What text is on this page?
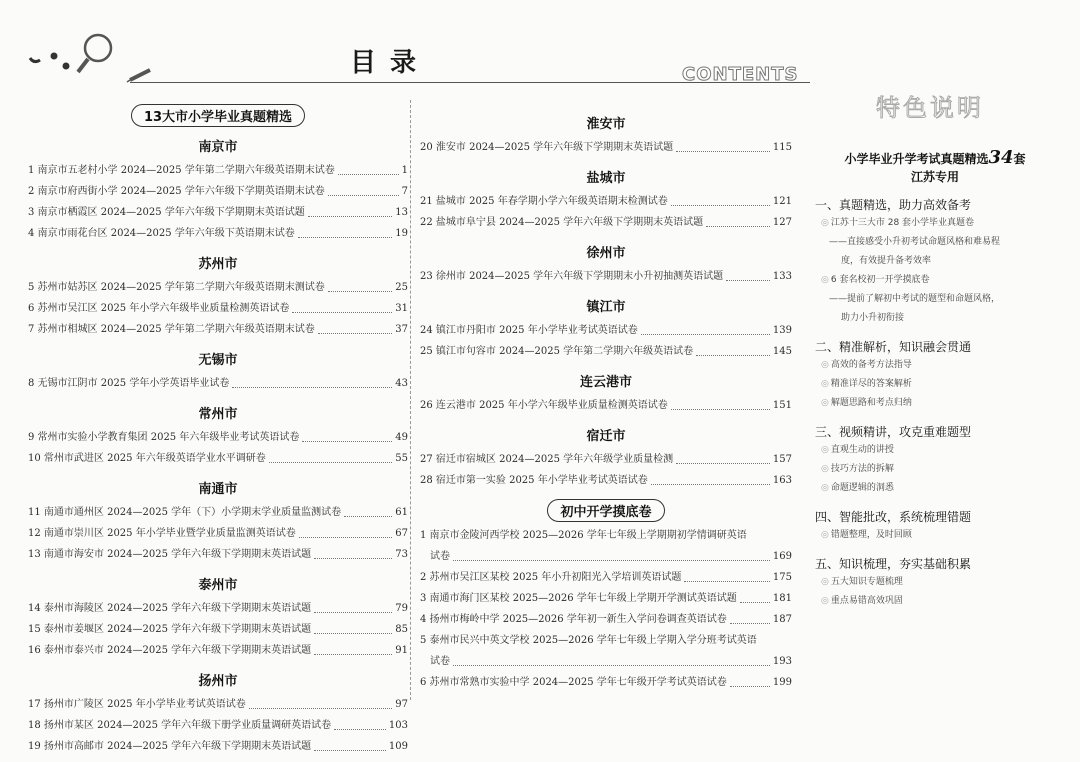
目录	CONTENTS
13大市小学毕业真题精选
南京市
1 南京市五老村小学 2024—2025 学年第二学期六年级英语期末试卷	1
2 南京市府西街小学 2024—2025 学年六年级下学期英语期末试卷	7
3 南京市栖霞区 2024—2025 学年六年级下学期期末英语试题	13
4 南京市雨花台区 2024—2025 学年六年级下英语期末试卷	19
苏州市
5 苏州市姑苏区 2024—2025 学年第二学期六年级英语期末测试卷	25
6 苏州市吴江区 2025 年小学六年级毕业质量检测英语试卷	31
7 苏州市相城区 2024—2025 学年第二学期六年级英语期末试卷	37
无锡市
8 无锡市江阴市 2025 学年小学英语毕业试卷	43
常州市
9 常州市实验小学教育集团 2025 年六年级毕业考试英语试卷	49
10 常州市武进区 2025 年六年级英语学业水平调研卷	55
南通市
11 南通市通州区 2024—2025 学年（下）小学期末学业质量监测试卷	61
12 南通市崇川区 2025 年小学毕业暨学业质量监测英语试卷	67
13 南通市海安市 2024—2025 学年六年级下学期期末英语试题	73
泰州市
14 泰州市海陵区 2024—2025 学年六年级下学期期末英语试题	79
15 泰州市姜堰区 2024—2025 学年六年级下学期期末英语试题	85
16 泰州市泰兴市 2024—2025 学年六年级下学期期末英语试题	91
扬州市
17 扬州市广陵区 2025 年小学毕业考试英语试卷	97
18 扬州市某区 2024—2025 学年六年级下册学业质量调研英语试卷	103
19 扬州市高邮市 2024—2025 学年六年级下学期期末英语试题	109
淮安市
20 淮安市 2024—2025 学年六年级下学期期末英语试题	115
盐城市
21 盐城市 2025 年春学期小学六年级英语期末检测试卷	121
22 盐城市阜宁县 2024—2025 学年六年级下学期期末英语试题	127
徐州市
23 徐州市 2024—2025 学年六年级下学期期末小升初抽测英语试题	133
镇江市
24 镇江市丹阳市 2025 年小学毕业考试英语试卷	139
25 镇江市句容市 2024—2025 学年第二学期六年级英语试卷	145
连云港市
26 连云港市 2025 年小学六年级毕业质量检测英语试卷	151
宿迁市
27 宿迁市宿城区 2024—2025 学年六年级学业质量检测	157
28 宿迁市第一实验 2025 年小学毕业考试英语试卷	163
初中开学摸底卷
1 南京市金陵河西学校 2025—2026 学年七年级上学期期初学情调研英语
试卷	169
2 苏州市吴江区某校 2025 年小升初阳光入学培训英语试题	175
3 南通市海门区某校 2025—2026 学年七年级上学期开学测试英语试题	181
4 扬州市梅岭中学 2025—2026 学年初一新生入学问卷调查英语试卷	187
5 泰州市民兴中英文学校 2025—2026 学年七年级上学期入学分班考试英语
试卷	193
6 苏州市常熟市实验中学 2024—2025 学年七年级开学考试英语试卷	199
特色说明
小学毕业升学考试真题精选34套
江苏专用
一、真题精选，助力高效备考
◎ 江苏十三大市 28 套小学毕业真题卷
——直接感受小升初考试命题风格和难易程
度，有效提升备考效率
◎ 6 套名校初一开学摸底卷
——提前了解初中考试的题型和命题风格，
助力小升初衔接
二、精准解析，知识融会贯通
◎ 高效的备考方法指导
◎ 精准详尽的答案解析
◎ 解题思路和考点归纳
三、视频精讲，攻克重难题型
◎ 直观生动的讲授
◎ 技巧方法的拆解
◎ 命题逻辑的洞悉
四、智能批改，系统梳理错题
◎ 错题整理，及时回顾
五、知识梳理，夯实基础积累
◎ 五大知识专题梳理
◎ 重点易错高效巩固
